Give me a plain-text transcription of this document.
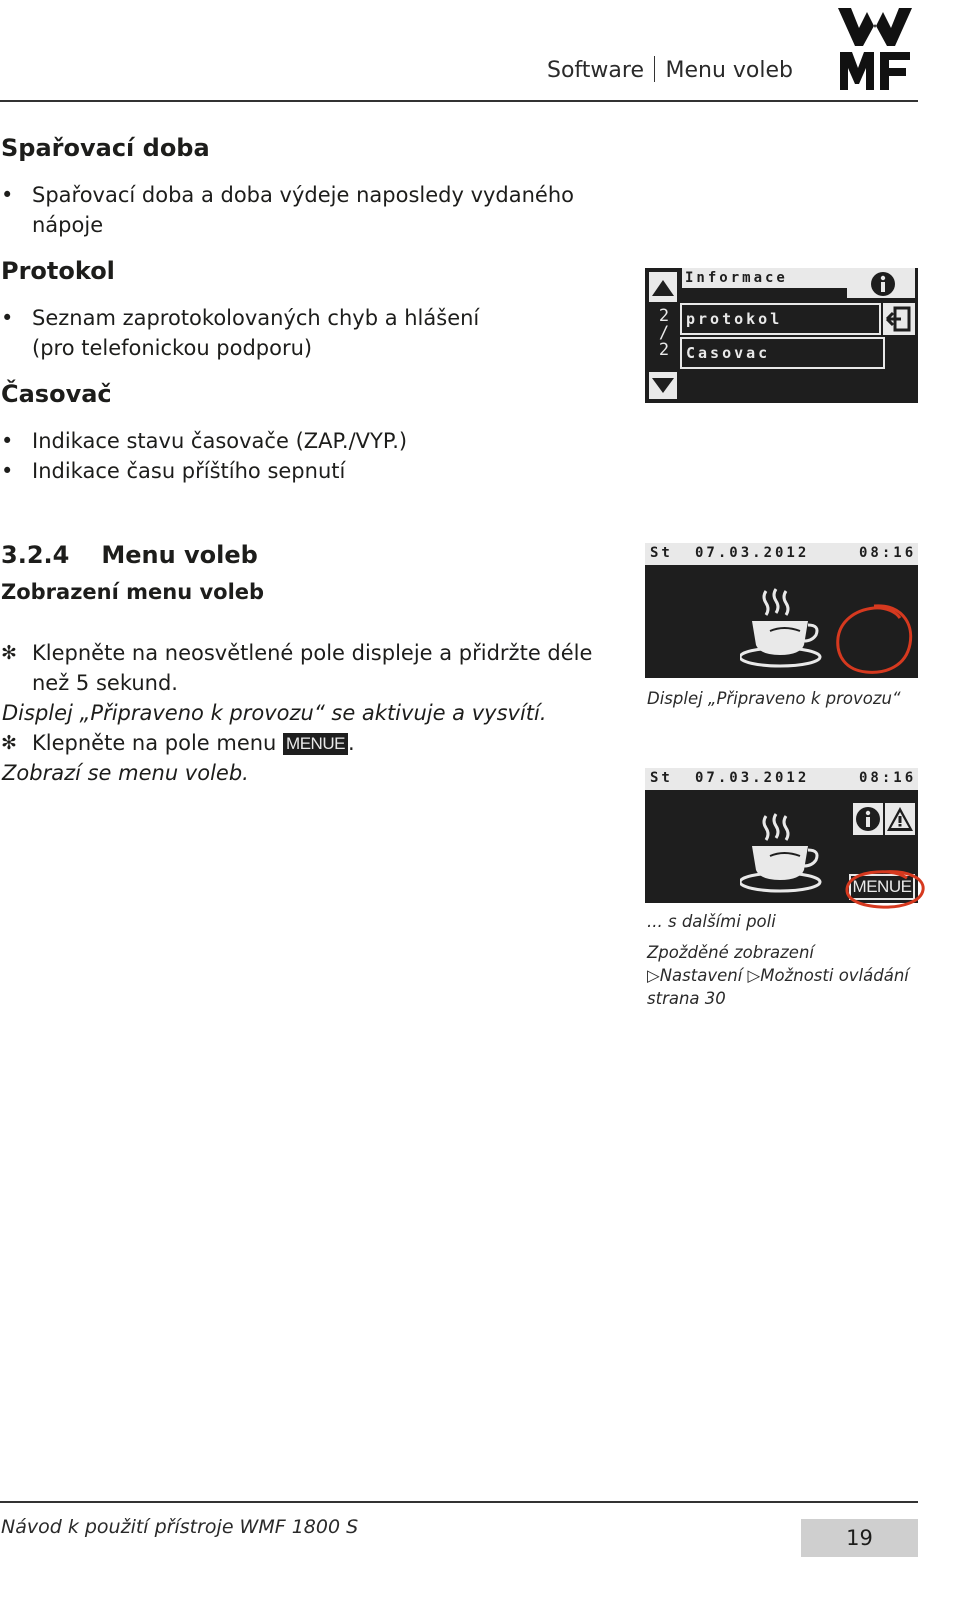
Software Menu voleb
Spařovací doba
• Spařovací doba a doba výdeje naposledy vydaného
nápoje
Protokol
• Seznam zaprotokolovaných chyb a hlášení
(pro telefonickou podporu)
Časovač
• Indikace stavu časovače (ZAP./VYP.)
• Indikace času příštího sepnutí
Informace
2
/
2
protokol
Casovac
3.2.4 Menu voleb
Zobrazení menu voleb
✻ Klepněte na neosvětlené pole displeje a přidržte déle
než 5 sekund.
Displej „Připraveno k provozu“ se aktivuje a vysvítí.
✻ Klepněte na pole menu MENUE .
Zobrazí se menu voleb.
St 07.03.2012	08:16
Displej „Připraveno k provozu“
St 07.03.2012	08:16
MENUE
... s dalšími poli
Zpožděné zobrazení
▷Nastavení ▷Možnosti ovládání
strana 30
Návod k použití přístroje WMF 1800 S	19
